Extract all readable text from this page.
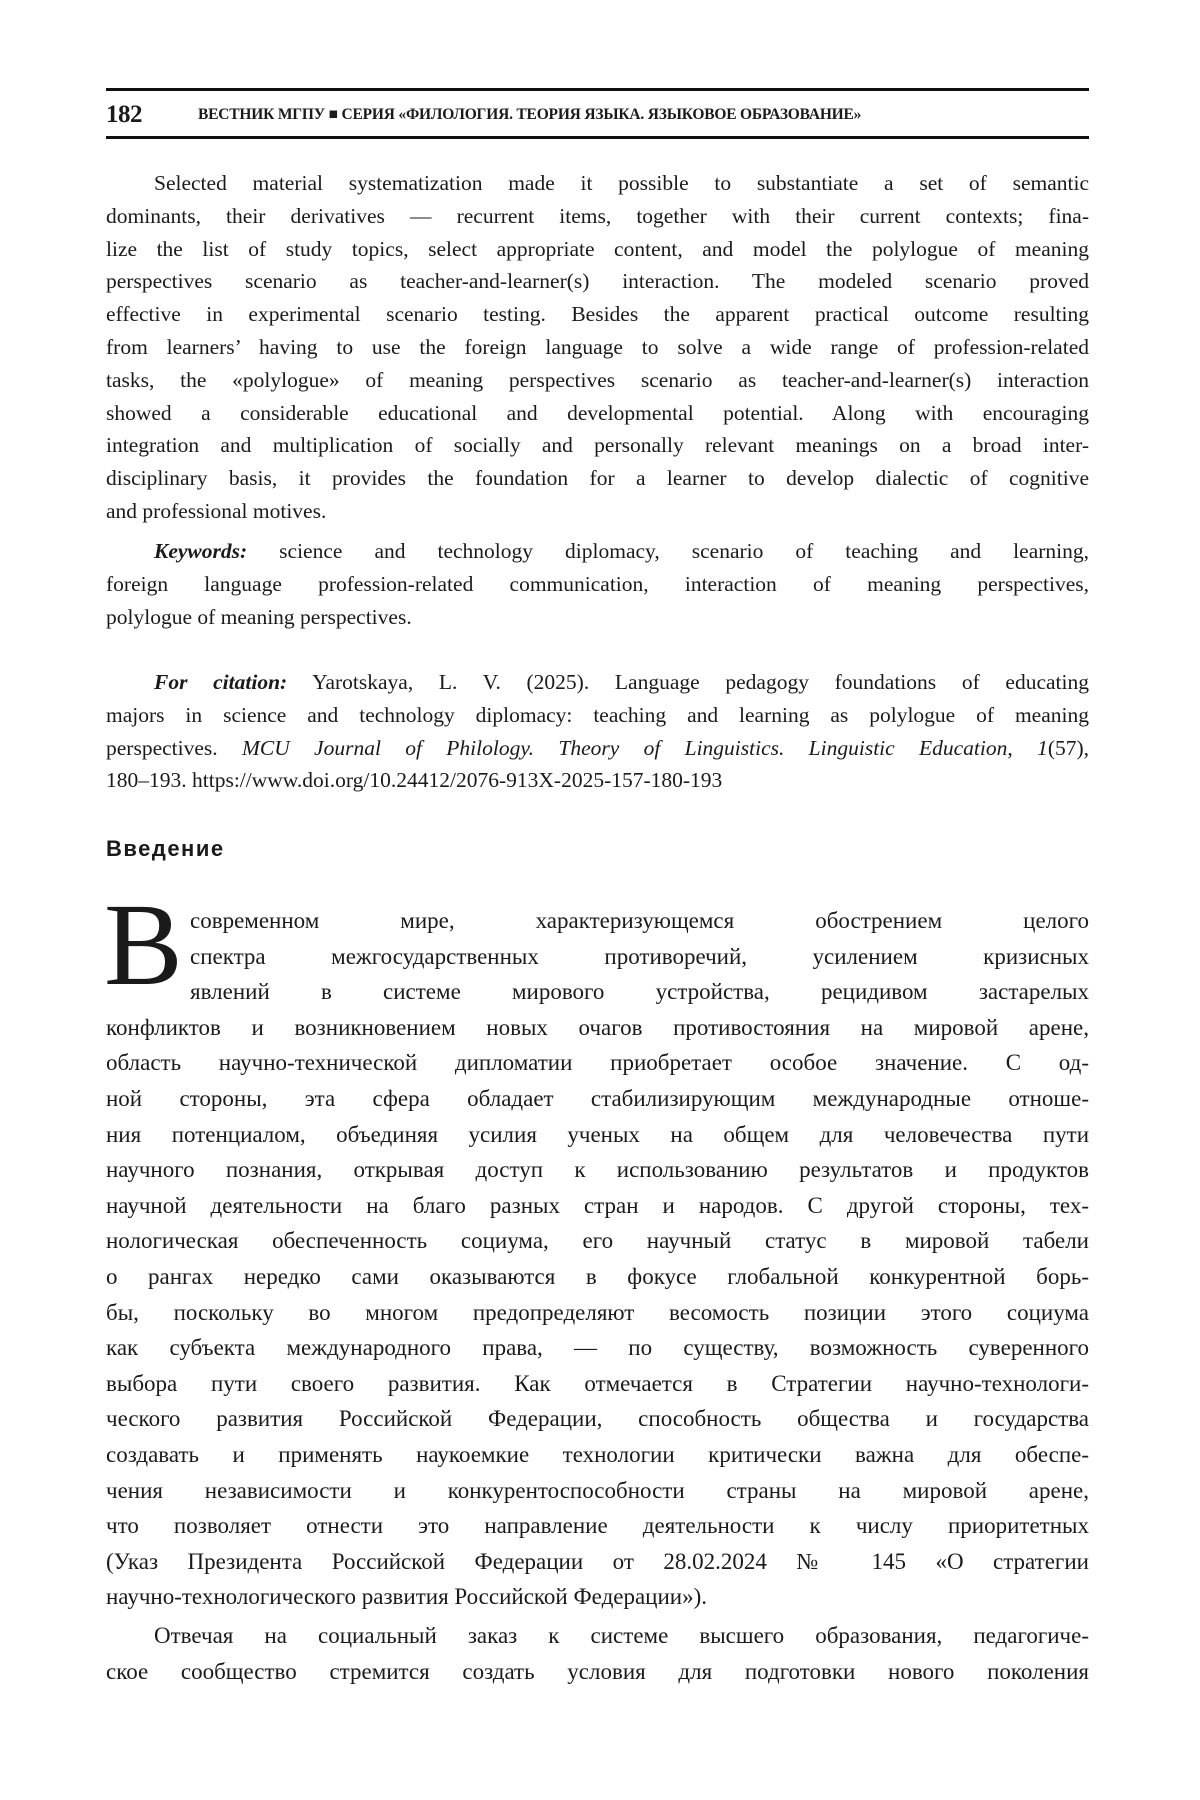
182	ВЕСТНИК МГПУ ■ СЕРИЯ «ФИЛОЛОГИЯ. ТЕОРИЯ ЯЗЫКА. ЯЗЫКОВОЕ ОБРАЗОВАНИЕ»
Selected material systematization made it possible to substantiate a set of semantic
dominants, their derivatives — recurrent items, together with their current contexts; fina-
lize the list of study topics, select appropriate content, and model the polylogue of meaning
perspectives scenario as teacher-and-learner(s) interaction. The modeled scenario proved
effective in experimental scenario testing. Besides the apparent practical outcome resulting
from learners’ having to use the foreign language to solve a wide range of profession-related
tasks, the «polylogue» of meaning perspectives scenario as teacher-and-learner(s) interaction
showed a considerable educational and developmental potential. Along with encouraging
integration and multiplication of socially and personally relevant meanings on a broad inter-
disciplinary basis, it provides the foundation for a learner to develop dialectic of cognitive
and professional motives.
Keywords: science and technology diplomacy, scenario of teaching and learning,
foreign language profession-related communication, interaction of meaning perspectives,
polylogue of meaning perspectives.
For citation: Yarotskaya, L. V. (2025). Language pedagogy foundations of educating
majors in science and technology diplomacy: teaching and learning as polylogue of meaning
perspectives. MCU Journal of Philology. Theory of Linguistics. Linguistic Education, 1(57),
180–193. https://www.doi.org/10.24412/2076-913X-2025-157-180-193
Введение
В современном мире, характеризующемся обострением целого
спектра межгосударственных противоречий, усилением кризисных
явлений в системе мирового устройства, рецидивом застарелых
конфликтов и возникновением новых очагов противостояния на мировой арене,
область научно-технической дипломатии приобретает особое значение. С од-
ной стороны, эта сфера обладает стабилизирующим международные отноше-
ния потенциалом, объединяя усилия ученых на общем для человечества пути
научного познания, открывая доступ к использованию результатов и продуктов
научной деятельности на благо разных стран и народов. С другой стороны, тех-
нологическая обеспеченность социума, его научный статус в мировой табели
о рангах нередко сами оказываются в фокусе глобальной конкурентной борь-
бы, поскольку во многом предопределяют весомость позиции этого социума
как субъекта международного права, — по существу, возможность суверенного
выбора пути своего развития. Как отмечается в Стратегии научно-технологи-
ческого развития Российской Федерации, способность общества и государства
создавать и применять наукоемкие технологии критически важна для обеспе-
чения независимости и конкурентоспособности страны на мировой арене,
что позволяет отнести это направление деятельности к числу приоритетных
(Указ Президента Российской Федерации от 28.02.2024 № 145 «О стратегии
научно-технологического развития Российской Федерации»).
Отвечая на социальный заказ к системе высшего образования, педагогиче-
ское сообщество стремится создать условия для подготовки нового поколения
